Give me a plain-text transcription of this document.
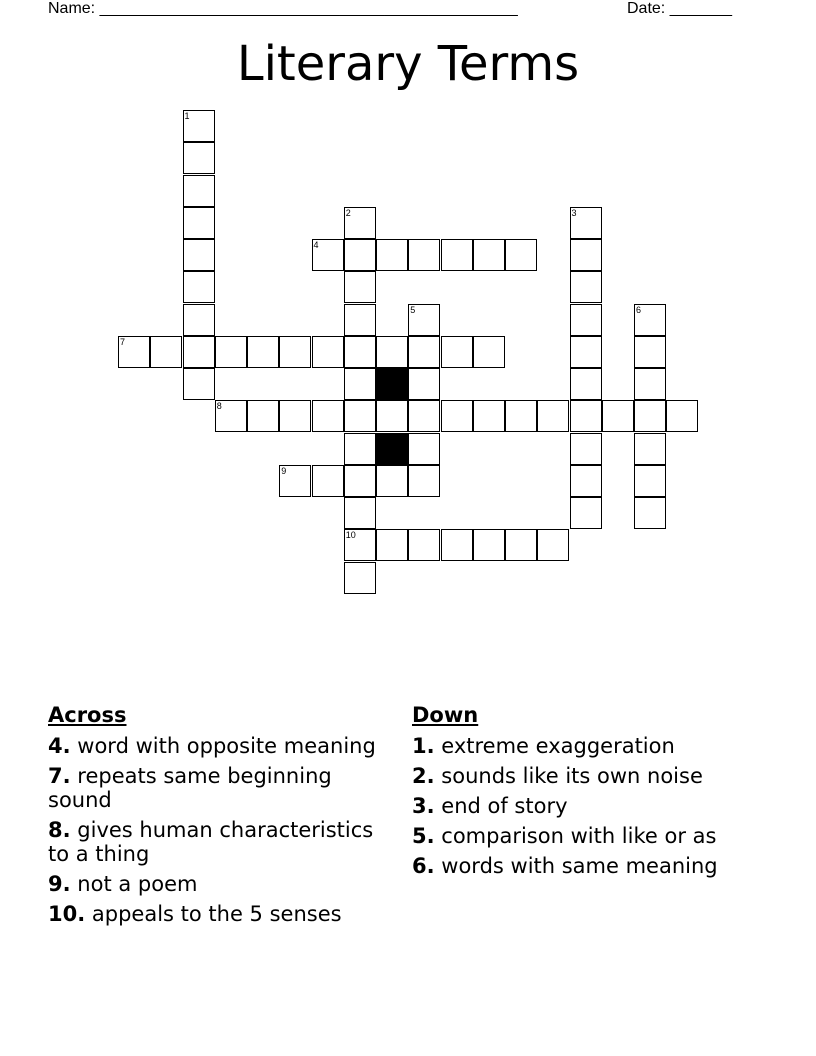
Name: _______________________________________________	Date: _______
Literary Terms
1
2
10
3
4
5	6
7
8
9
Across
4. word with opposite meaning
7. repeats same beginning sound
8. gives human characteristics to a thing
9. not a poem
10. appeals to the 5 senses
Down
1. extreme exaggeration
2. sounds like its own noise
3. end of story
5. comparison with like or as
6. words with same meaning
